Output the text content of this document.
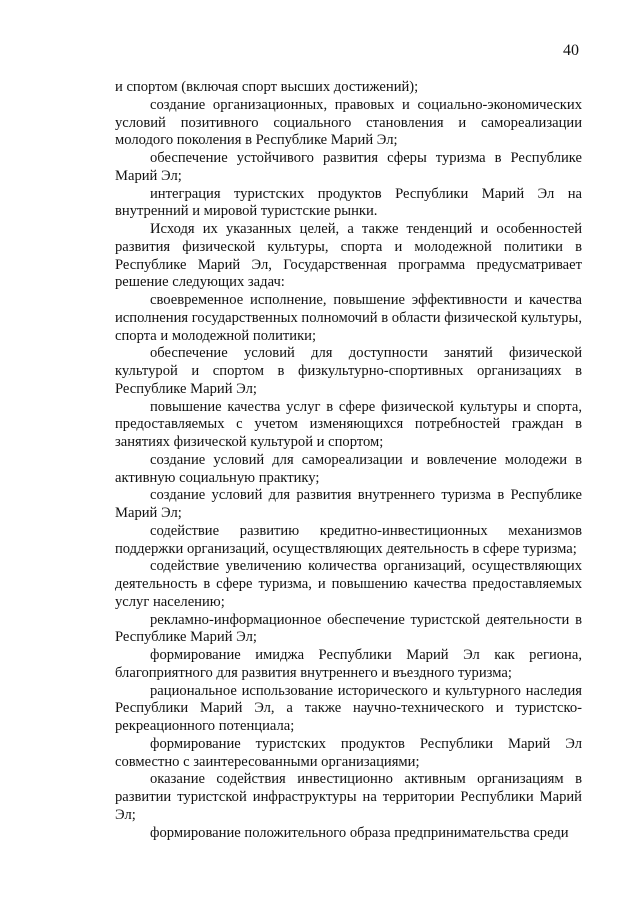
40

и спортом (включая спорт высших достижений);

создание организационных, правовых и социально-экономических условий позитивного социального становления и самореализации молодого поколения в Республике Марий Эл;

обеспечение устойчивого развития сферы туризма в Республике Марий Эл;

интеграция туристских продуктов Республики Марий Эл на внутренний и мировой туристские рынки.

Исходя их указанных целей, а также тенденций и особенностей развития физической культуры, спорта и молодежной политики в Республике Марий Эл, Государственная программа предусматривает решение следующих задач:

своевременное исполнение, повышение эффективности и качества исполнения государственных полномочий в области физической культуры, спорта и молодежной политики;

обеспечение условий для доступности занятий физической культурой и спортом в физкультурно-спортивных организациях в Республике Марий Эл;

повышение качества услуг в сфере физической культуры и спорта, предоставляемых с учетом изменяющихся потребностей граждан в занятиях физической культурой и спортом;

создание условий для самореализации и вовлечение молодежи в активную социальную практику;

создание условий для развития внутреннего туризма в Республике Марий Эл;

содействие развитию кредитно-инвестиционных механизмов поддержки организаций, осуществляющих деятельность в сфере туризма;

содействие увеличению количества организаций, осуществляющих деятельность в сфере туризма, и повышению качества предоставляемых услуг населению;

рекламно-информационное обеспечение туристской деятельности в Республике Марий Эл;

формирование имиджа Республики Марий Эл как региона, благоприятного для развития внутреннего и въездного туризма;

рациональное использование исторического и культурного наследия Республики Марий Эл, а также научно-технического и туристско-рекреационного потенциала;

формирование туристских продуктов Республики Марий Эл совместно с заинтересованными организациями;

оказание содействия инвестиционно активным организациям в развитии туристской инфраструктуры на территории Республики Марий Эл;

формирование положительного образа предпринимательства среди
